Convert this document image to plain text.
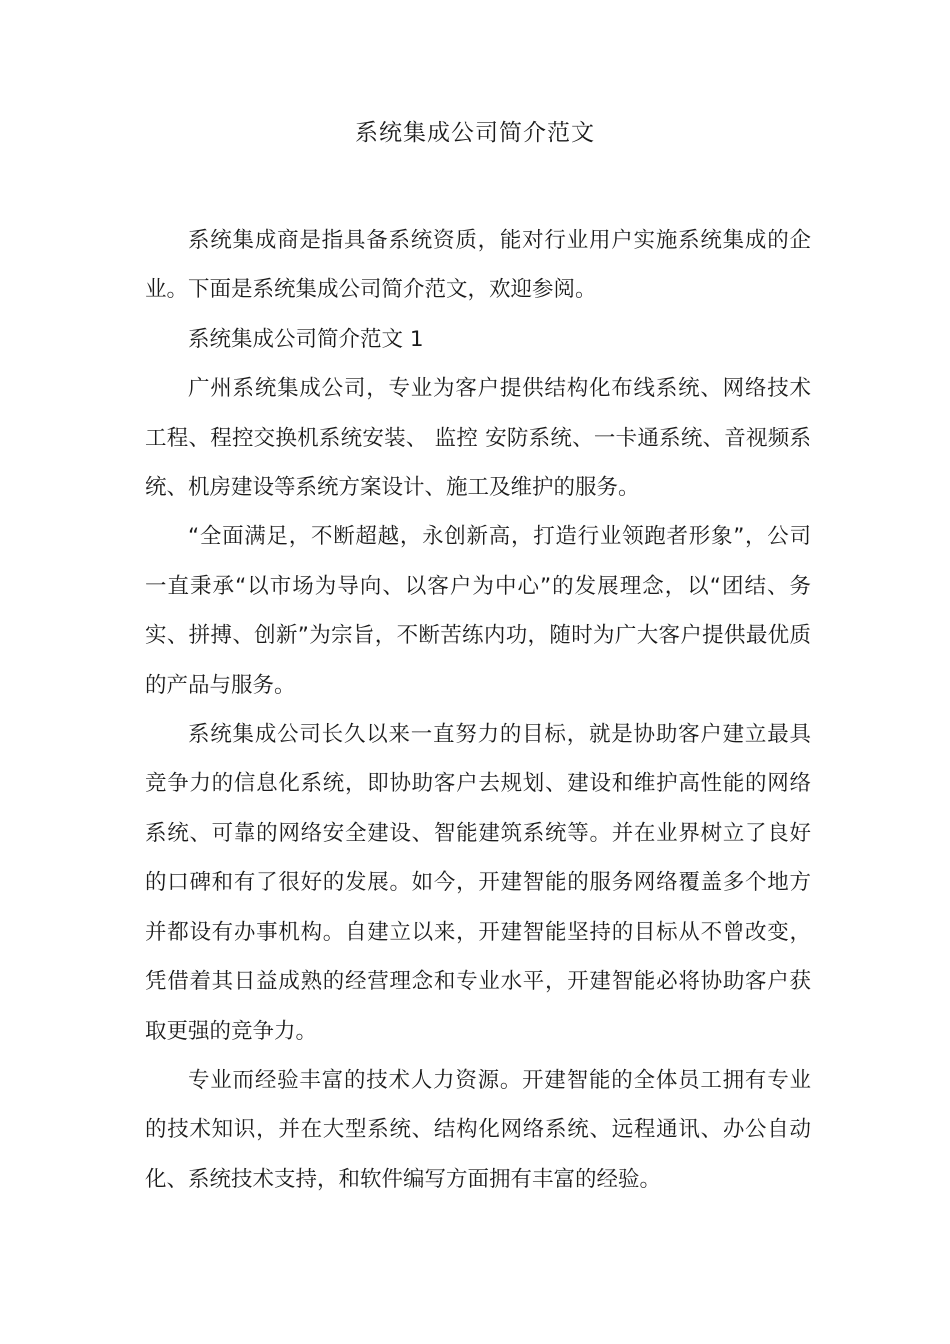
系统集成公司简介范文

系统集成商是指具备系统资质，能对行业用户实施系统集成的企业。下面是系统集成公司简介范文，欢迎参阅。

系统集成公司简介范文 1

广州系统集成公司，专业为客户提供结构化布线系统、网络技术工程、程控交换机系统安装、 监控 安防系统、一卡通系统、音视频系统、机房建设等系统方案设计、施工及维护的服务。

“全面满足，不断超越，永创新高，打造行业领跑者形象”，公司一直秉承“以市场为导向、以客户为中心”的发展理念，以“团结、务实、拼搏、创新”为宗旨，不断苦练内功，随时为广大客户提供最优质的产品与服务。

系统集成公司长久以来一直努力的目标，就是协助客户建立最具竞争力的信息化系统，即协助客户去规划、建设和维护高性能的网络系统、可靠的网络安全建设、智能建筑系统等。并在业界树立了良好的口碑和有了很好的发展。如今，开建智能的服务网络覆盖多个地方并都设有办事机构。自建立以来，开建智能坚持的目标从不曾改变，凭借着其日益成熟的经营理念和专业水平，开建智能必将协助客户获取更强的竞争力。

专业而经验丰富的技术人力资源。开建智能的全体员工拥有专业的技术知识，并在大型系统、结构化网络系统、远程通讯、办公自动化、系统技术支持，和软件编写方面拥有丰富的经验。
